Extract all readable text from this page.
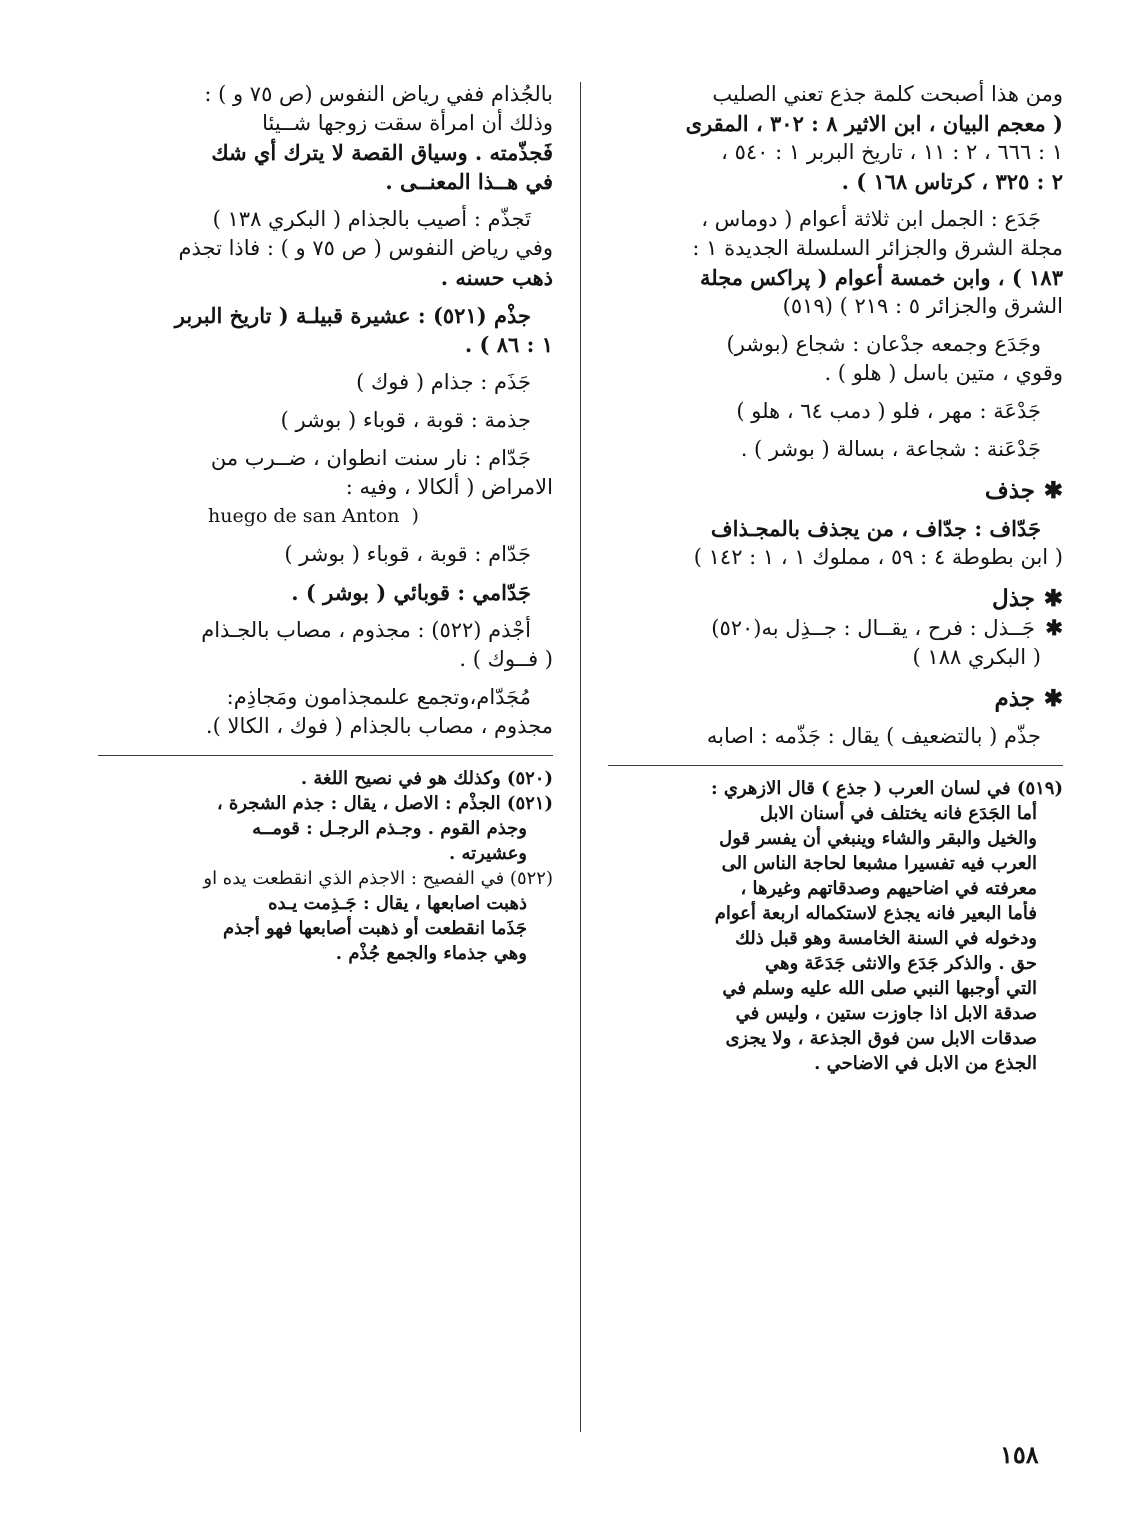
ومن هذا أصبحت كلمة جذع تعني الصليب
( معجم البيان ، ابن الاثير ٨ : ٣٠٢ ، المقرى
١ : ٦٦٦ ، ٢ : ١١ ، تاريخ البربر ١ : ٥٤٠ ،
٢ : ٣٢٥ ، كرتاس ١٦٨ ) .
جَدَع : الجمل ابن ثلاثة أعوام ( دوماس ،
مجلة الشرق والجزائر السلسلة الجديدة ١ :
١٨٣ ) ، وابن خمسة أعوام ( پراكس مجلة
الشرق والجزائر ٥ : ٢١٩ ) (٥١٩)
وجَدَع وجمعه جدْعان : شجاع (بوشر)
وقوي ، متين باسل ( هلو ) .
جَدْعَة : مهر ، فلو ( دمب ٦٤ ، هلو )
جَدْعَنة : شجاعة ، بسالة ( بوشر ) .
✱جذف
جَدّاف : جدّاف ، من يجذف بالمجـذاف
( ابن بطوطة ٤ : ٥٩ ، مملوك ١ ، ١ : ١٤٢ )
✱جذل
✱جَــذل : فرح ، يقــال : جــذِل به(٥٢٠)
( البكري ١٨٨ )
✱جذم
جذّم ( بالتضعيف ) يقال : جَذّمه : اصابه
(٥١٩) في لسان العرب ( جذع ) قال الازهري :
أما الجَدَع فانه يختلف في أسنان الابل
والخيل والبقر والشاء وينبغي أن يفسر قول
العرب فيه تفسيرا مشبعا لحاجة الناس الى
معرفته في اضاحيهم وصدقاتهم وغيرها ،
فأما البعير فانه يجذع لاستكماله اربعة أعوام
ودخوله في السنة الخامسة وهو قبل ذلك
حق . والذكر جَدَع والانثى جَدَعَة وهي
التي أوجبها النبي صلى الله عليه وسلم في
صدقة الابل اذا جاوزت ستين ، وليس في
صدقات الابل سن فوق الجذعة ، ولا يجزى
الجذع من الابل في الاضاحي .
بالجُذام ففي رياض النفوس (ص ٧٥ و ) :
وذلك أن امرأة سقت زوجها شــيئا
فَجذّمته . وسياق القصة لا يترك أي شك
في هــذا المعنــى .
تَجذّم : أصيب بالجذام ( البكري ١٣٨ )
وفي رياض النفوس ( ص ٧٥ و ) : فاذا تجذم
ذهب حسنه .
جذْم (٥٢١) : عشيرة قبيلـة ( تاريخ البربر
١ : ٨٦ ) .
جَذَم : جذام ( فوك )
جذمة : قوبة ، قوباء ( بوشر )
جَدّام : نار سنت انطوان ، ضــرب من
الامراض ( ألكالا ، وفيه :
huego de san Anton  )
جَدّام : قوبة ، قوباء ( بوشر )
جَدّامي : قوبائي ( بوشر ) .
أجْذم (٥٢٢) : مجذوم ، مصاب بالجـذام
( فــوك ) .
مُجَدّام،وتجمع علىمجذامون ومَجاذِم:
مجذوم ، مصاب بالجذام ( فوك ، الكالا ).
(٥٢٠) وكذلك هو في نصيح اللغة .
(٥٢١) الجذْم : الاصل ، يقال : جذم الشجرة ،
وجذم القوم . وجـذم الرجـل : قومــه
وعشيرته .
(٥٢٢) في الفصيح : الاجذم الذي انقطعت يده او
ذهبت اصابعها ، يقال : جَـذِمت يـده
جَذَما انقطعت أو ذهبت أصابعها فهو أجذم
وهي جذماء والجمع جُذْم .
١٥٨
